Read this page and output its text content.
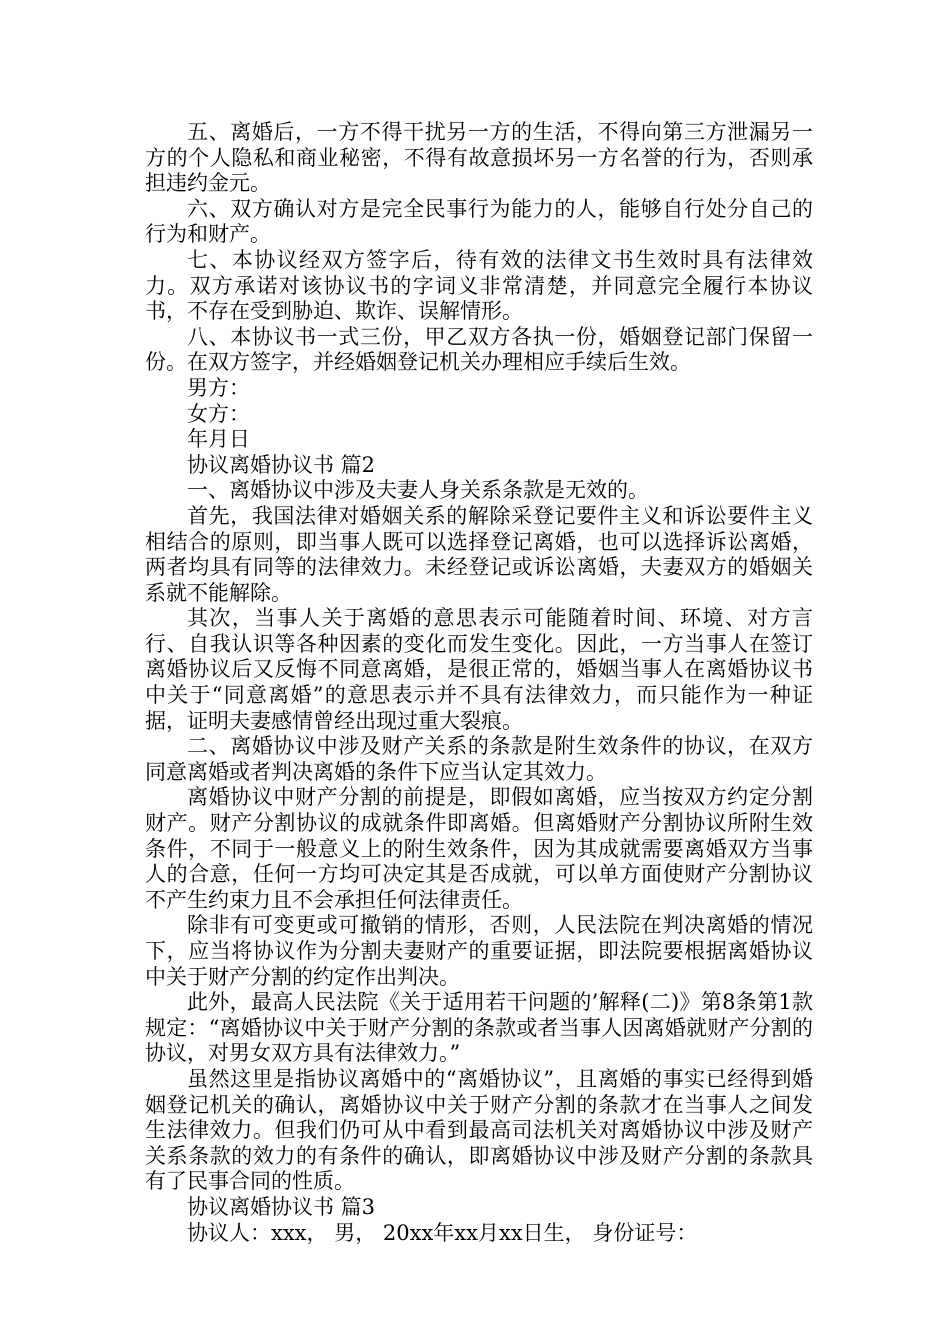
五、离婚后，一方不得干扰另一方的生活，不得向第三方泄漏另一方的个人隐私和商业秘密，不得有故意损坏另一方名誉的行为，否则承担违约金元。

六、双方确认对方是完全民事行为能力的人，能够自行处分自己的行为和财产。

七、本协议经双方签字后，待有效的法律文书生效时具有法律效力。双方承诺对该协议书的字词义非常清楚，并同意完全履行本协议书，不存在受到胁迫、欺诈、误解情形。

八、本协议书一式三份，甲乙双方各执一份，婚姻登记部门保留一份。在双方签字，并经婚姻登记机关办理相应手续后生效。

男方：

女方：

年月日

协议离婚协议书 篇2

一、离婚协议中涉及夫妻人身关系条款是无效的。

首先，我国法律对婚姻关系的解除采登记要件主义和诉讼要件主义相结合的原则，即当事人既可以选择登记离婚，也可以选择诉讼离婚，两者均具有同等的法律效力。未经登记或诉讼离婚，夫妻双方的婚姻关系就不能解除。

其次，当事人关于离婚的意思表示可能随着时间、环境、对方言行、自我认识等各种因素的变化而发生变化。因此，一方当事人在签订离婚协议后又反悔不同意离婚，是很正常的，婚姻当事人在离婚协议书中关于“同意离婚”的意思表示并不具有法律效力，而只能作为一种证据，证明夫妻感情曾经出现过重大裂痕。

二、离婚协议中涉及财产关系的条款是附生效条件的协议，在双方同意离婚或者判决离婚的条件下应当认定其效力。

离婚协议中财产分割的前提是，即假如离婚，应当按双方约定分割财产。财产分割协议的成就条件即离婚。但离婚财产分割协议所附生效条件，不同于一般意义上的附生效条件，因为其成就需要离婚双方当事人的合意，任何一方均可决定其是否成就，可以单方面使财产分割协议不产生约束力且不会承担任何法律责任。

除非有可变更或可撤销的情形，否则，人民法院在判决离婚的情况下，应当将协议作为分割夫妻财产的重要证据，即法院要根据离婚协议中关于财产分割的约定作出判决。

此外，最高人民法院《关于适用若干问题的’解释(二)》第8条第1款规定：“离婚协议中关于财产分割的条款或者当事人因离婚就财产分割的协议，对男女双方具有法律效力。”

虽然这里是指协议离婚中的“离婚协议”，且离婚的事实已经得到婚姻登记机关的确认，离婚协议中关于财产分割的条款才在当事人之间发生法律效力。但我们仍可从中看到最高司法机关对离婚协议中涉及财产关系条款的效力的有条件的确认，即离婚协议中涉及财产分割的条款具有了民事合同的性质。

协议离婚协议书 篇3

协议人：xxx， 男， 20xx年xx月xx日生， 身份证号：
